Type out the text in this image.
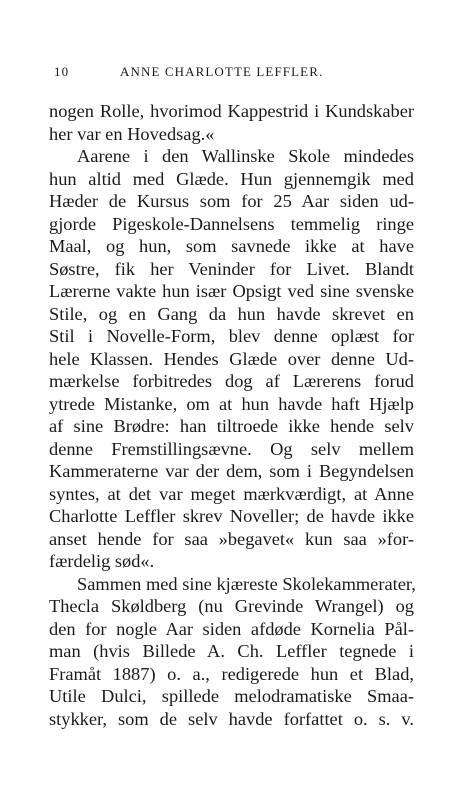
10	ANNE CHARLOTTE LEFFLER.
nogen Rolle, hvorimod Kappestrid i Kundskaber
her var en Hovedsag.«
Aarene i den Wallinske Skole mindedes
hun altid med Glæde. Hun gjennemgik med
Hæder de Kursus som for 25 Aar siden ud-
gjorde Pigeskole-Dannelsens temmelig ringe
Maal, og hun, som savnede ikke at have
Søstre, fik her Veninder for Livet. Blandt
Lærerne vakte hun især Opsigt ved sine svenske
Stile, og en Gang da hun havde skrevet en
Stil i Novelle-Form, blev denne oplæst for
hele Klassen. Hendes Glæde over denne Ud-
mærkelse forbitredes dog af Lærerens forud
ytrede Mistanke, om at hun havde haft Hjælp
af sine Brødre: han tiltroede ikke hende selv
denne Fremstillingsævne. Og selv mellem
Kammeraterne var der dem, som i Begyndelsen
syntes, at det var meget mærkværdigt, at Anne
Charlotte Leffler skrev Noveller; de havde ikke
anset hende for saa »begavet« kun saa »for-
færdelig sød«.
Sammen med sine kjæreste Skolekammerater,
Thecla Skøldberg (nu Grevinde Wrangel) og
den for nogle Aar siden afdøde Kornelia Pål-
man (hvis Billede A. Ch. Leffler tegnede i
Framåt 1887) o. a., redigerede hun et Blad,
Utile Dulci, spillede melodramatiske Smaa-
stykker, som de selv havde forfattet o. s. v.
